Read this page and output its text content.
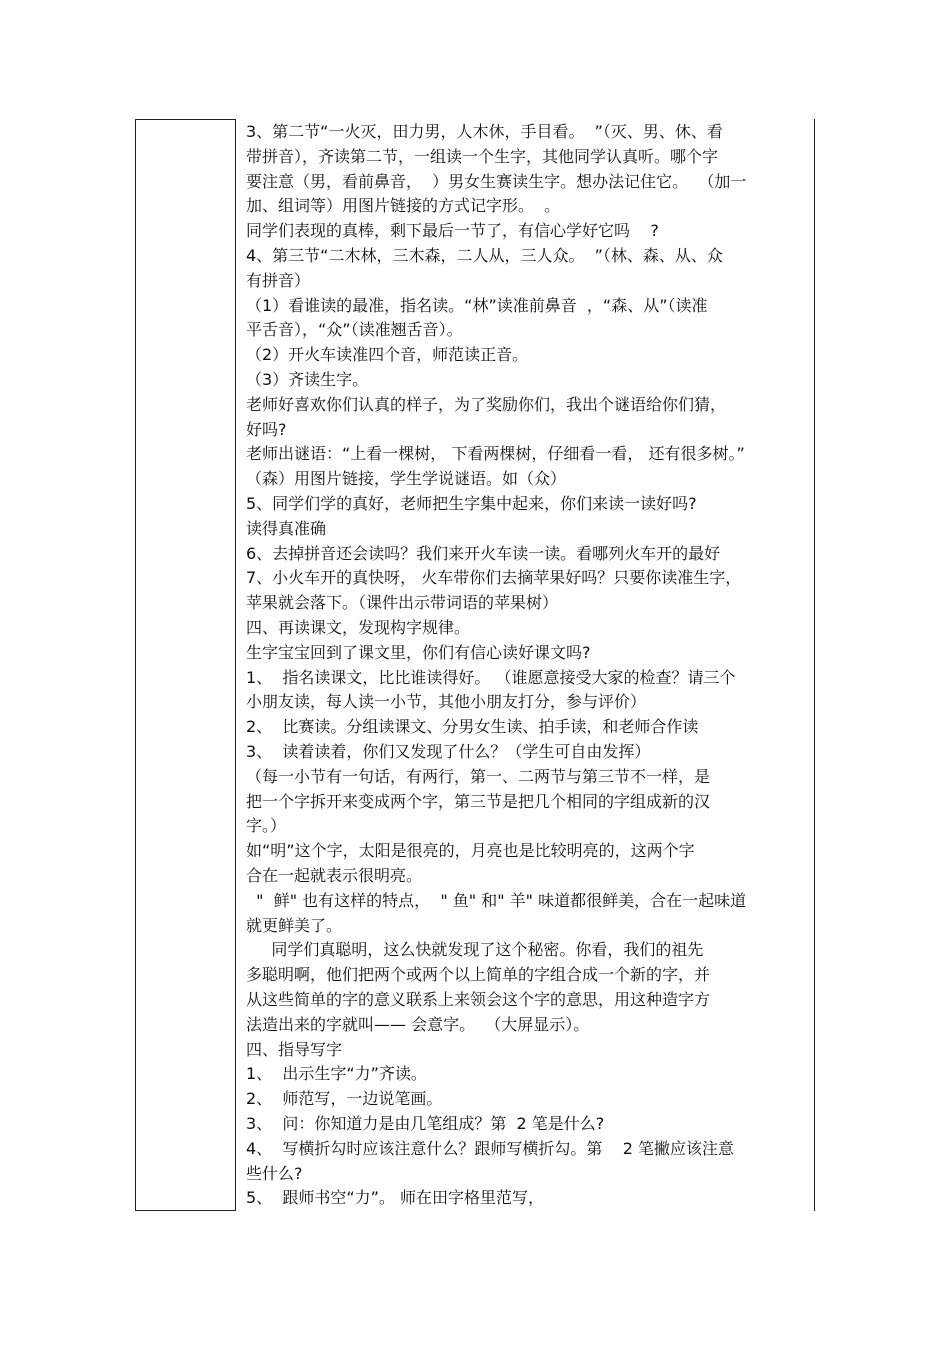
3、第二节“一火灭，田力男，人木休，手目看。  ”（灭、男、休、看
带拼音），齐读第二节，一组读一个生字，其他同学认真听。哪个字
要注意（男，看前鼻音，  ）男女生赛读生字。想办法记住它。  （加一
加、组词等）用图片链接的方式记字形。  。
同学们表现的真棒，剩下最后一节了，有信心学好它吗    ?
4、第三节“二木林，三木森，二人从，三人众。  ”（林、森、从、众
有拼音）
（1）看谁读的最准，指名读。“林”读准前鼻音  ，“森、从”（读准
平舌音），“众”（读准翘舌音）。
（2）开火车读准四个音，师范读正音。
（3）齐读生字。
老师好喜欢你们认真的样子，为了奖励你们，我出个谜语给你们猜，
好吗?
老师出谜语：“上看一棵树， 下看两棵树，仔细看一看， 还有很多树。”
（森）用图片链接，学生学说谜语。如（众）
5、同学们学的真好，老师把生字集中起来，你们来读一读好吗?
读得真准确
6、去掉拼音还会读吗？我们来开火车读一读。看哪列火车开的最好
7、小火车开的真快呀， 火车带你们去摘苹果好吗？只要你读准生字，
苹果就会落下。（课件出示带词语的苹果树）
四、再读课文，发现构字规律。
生字宝宝回到了课文里，你们有信心读好课文吗?
1、  指名读课文，比比谁读得好。 （谁愿意接受大家的检查？请三个
小朋友读，每人读一小节，其他小朋友打分，参与评价）
2、  比赛读。分组读课文、分男女生读、拍手读，和老师合作读
3、  读着读着，你们又发现了什么？（学生可自由发挥）
（每一小节有一句话，有两行，第一、二两节与第三节不一样，是
把一个字拆开来变成两个字，第三节是把几个相同的字组成新的汉
字。）
如“明”这个字，太阳是很亮的，月亮也是比较明亮的，这两个字
合在一起就表示很明亮。
"  鲜" 也有这样的特点，  " 鱼" 和" 羊" 味道都很鲜美，合在一起味道
就更鲜美了。
同学们真聪明，这么快就发现了这个秘密。你看，我们的祖先
多聪明啊，他们把两个或两个以上简单的字组合成一个新的字，并
从这些简单的字的意义联系上来领会这个字的意思，用这种造字方
法造出来的字就叫—— 会意字。  （大屏显示）。
四、指导写字
1、  出示生字“力”齐读。
2、  师范写，一边说笔画。
3、  问：你知道力是由几笔组成？第  2 笔是什么?
4、  写横折勾时应该注意什么？跟师写横折勾。第    2 笔撇应该注意
些什么?
5、  跟师书空“力”。 师在田字格里范写，
